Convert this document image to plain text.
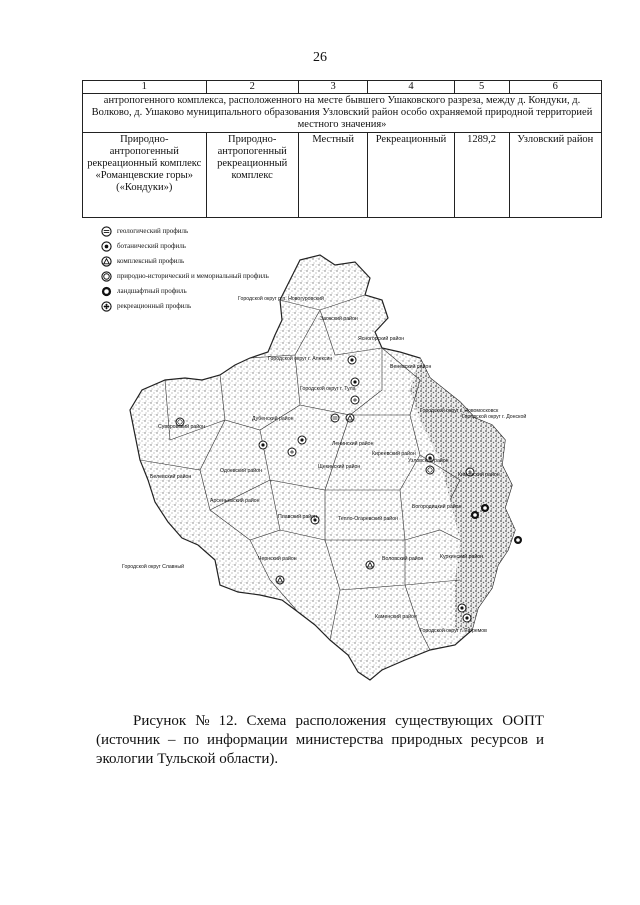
26
1	2	3	4	5	6
антропогенного комплекса, расположенного на месте бывшего Ушаковского разреза, между д. Кондуки, д. Волково, д. Ушаково муниципального образования Узловский район особо охраняемой природной территорией местного значения»					
Природно-антропогенный рекреационный комплекс «Романцевские горы» («Кондуки»)	Природно-антропогенный рекреационный комплекс	Местный	Рекреационный	1289,2	Узловский район
геологический профиль
ботанический профиль
комплексный профиль
природно-исторический и мемориальный профиль
ландшафтный профиль
рекреационный профиль
Городской округ р.п. Новогуровский
Заокский район
Городской округ г. Алексин
Ясногорский район
Веневский район
Городской округ г. Тула
Суворовский район
Дубенский район
Городской округ г. Новомосковск
Городской округ г. Донской
Ленинский район
Киреевский район
Узловский район
Белевский район
Одоевский район
Щекинский район
Кимовский район
Арсеньевский район
Плавский район	Тепло-Огаревский район
Богородицкий район
Воловский район	Куркинский район
Городской округ Славный
Чернский район
Каменский район
Городской округ г. Ефремов
Рисунок № 12. Схема расположения существующих ООПТ
(источник – по информации министерства природных ресурсов и экологии Тульской области).
